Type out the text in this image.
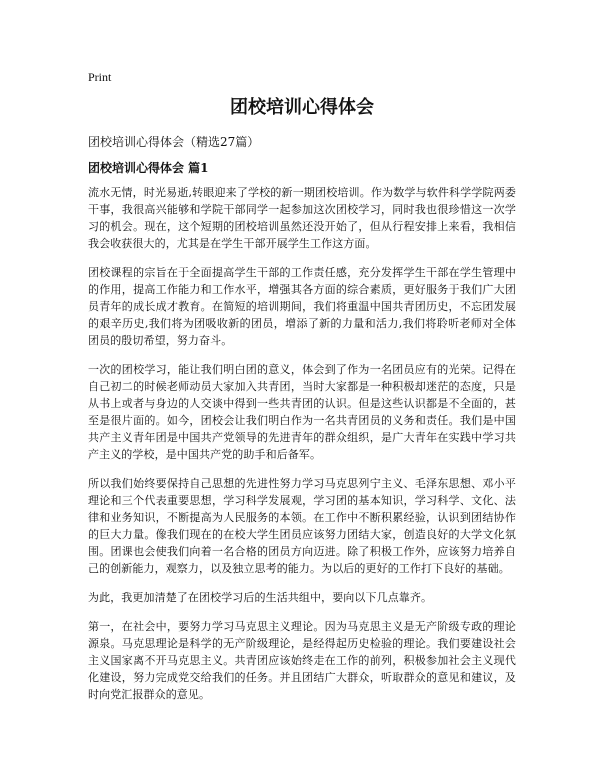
Print
团校培训心得体会

团校培训心得体会（精选27篇）

团校培训心得体会 篇1

流水无情，时光易逝,转眼迎来了学校的新一期团校培训。作为数学与软件科学学院两委干事，我很高兴能够和学院干部同学一起参加这次团校学习，同时我也很珍惜这一次学习的机会。现在，这个短期的团校培训虽然还没开始了，但从行程安排上来看，我相信我会收获很大的，尤其是在学生干部开展学生工作这方面。

团校课程的宗旨在于全面提高学生干部的工作责任感，充分发挥学生干部在学生管理中的作用，提高工作能力和工作水平，增强其各方面的综合素质，更好服务于我们广大团员青年的成长成才教育。在简短的培训期间，我们将重温中国共青团历史，不忘团发展的艰辛历史,我们将为团吸收新的团员，增添了新的力量和活力,我们将聆听老师对全体团员的殷切希望，努力奋斗。

一次的团校学习，能让我们明白团的意义，体会到了作为一名团员应有的光荣。记得在自己初二的时候老师动员大家加入共青团，当时大家都是一种积极却迷茫的态度，只是从书上或者与身边的人交谈中得到一些共青团的认识。但是这些认识都是不全面的，甚至是很片面的。如今，团校会让我们明白作为一名共青团员的义务和责任。我们是中国共产主义青年团是中国共产党领导的先进青年的群众组织，是广大青年在实践中学习共产主义的学校，是中国共产党的助手和后备军。

所以我们始终要保持自己思想的先进性努力学习马克思列宁主义、毛泽东思想、邓小平理论和三个代表重要思想，学习科学发展观，学习团的基本知识，学习科学、文化、法律和业务知识，不断提高为人民服务的本领。在工作中不断积累经验，认识到团结协作的巨大力量。像我们现在的在校大学生团员应该努力团结大家，创造良好的大学文化氛围。团课也会使我们向着一名合格的团员方向迈进。除了积极工作外，应该努力培养自己的创新能力，观察力，以及独立思考的能力。为以后的更好的工作打下良好的基础。

为此，我更加清楚了在团校学习后的生活共组中，要向以下几点靠齐。

第一，在社会中，要努力学习马克思主义理论。因为马克思主义是无产阶级专政的理论源泉。马克思理论是科学的无产阶级理论，是经得起历史检验的理论。我们要建设社会主义国家离不开马克思主义。共青团应该始终走在工作的前列，积极参加社会主义现代化建设，努力完成党交给我们的任务。并且团结广大群众，听取群众的意见和建议，及时向党汇报群众的意见。
